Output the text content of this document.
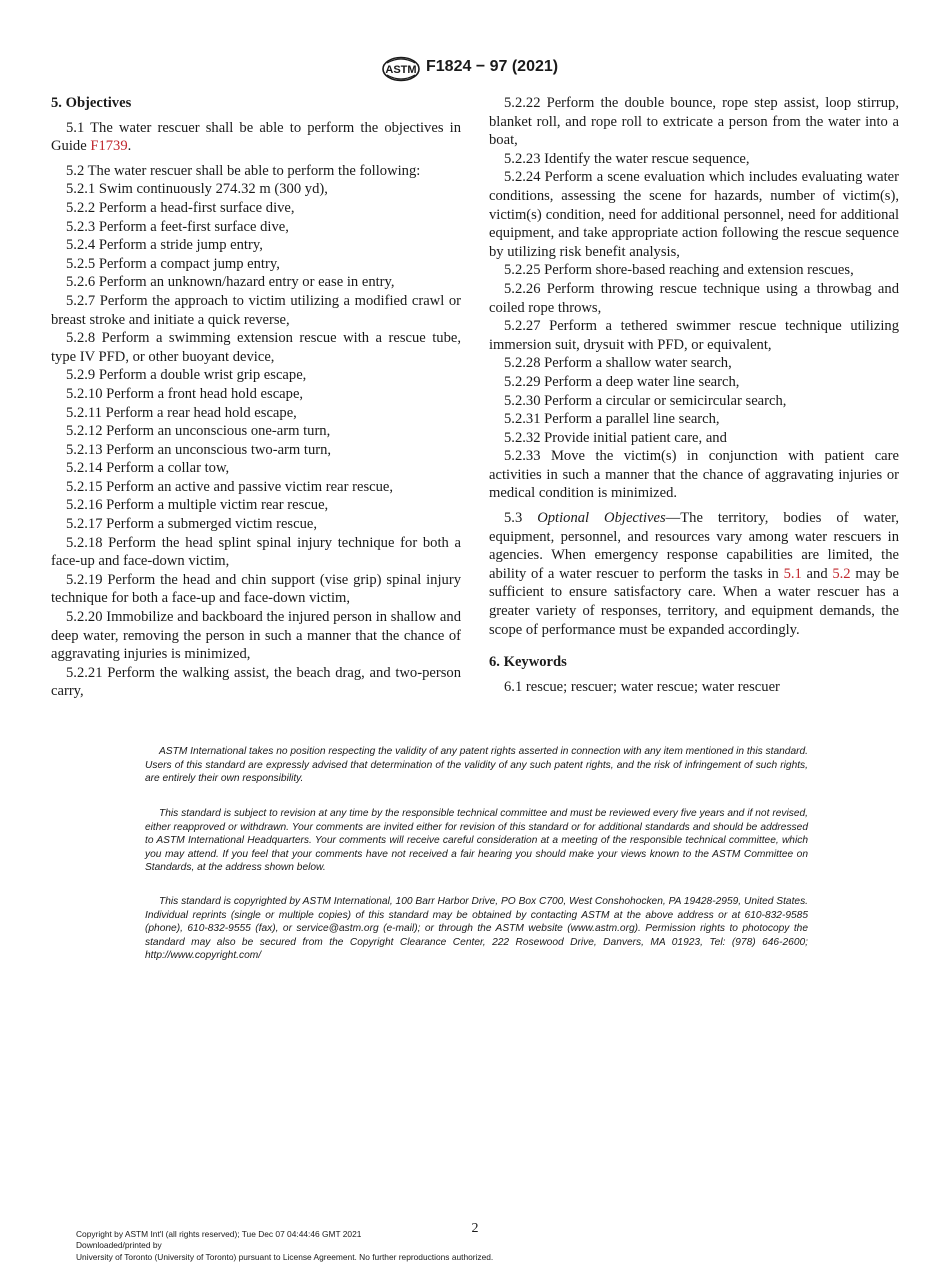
ASTM F1824 − 97 (2021)

5. Objectives

5.1 The water rescuer shall be able to perform the objectives in Guide F1739.

5.2 The water rescuer shall be able to perform the following:

5.2.1 Swim continuously 274.32 m (300 yd),

5.2.2 Perform a head-first surface dive,

5.2.3 Perform a feet-first surface dive,

5.2.4 Perform a stride jump entry,

5.2.5 Perform a compact jump entry,

5.2.6 Perform an unknown/hazard entry or ease in entry,

5.2.7 Perform the approach to victim utilizing a modified crawl or breast stroke and initiate a quick reverse,

5.2.8 Perform a swimming extension rescue with a rescue tube, type IV PFD, or other buoyant device,

5.2.9 Perform a double wrist grip escape,

5.2.10 Perform a front head hold escape,

5.2.11 Perform a rear head hold escape,

5.2.12 Perform an unconscious one-arm turn,

5.2.13 Perform an unconscious two-arm turn,

5.2.14 Perform a collar tow,

5.2.15 Perform an active and passive victim rear rescue,

5.2.16 Perform a multiple victim rear rescue,

5.2.17 Perform a submerged victim rescue,

5.2.18 Perform the head splint spinal injury technique for both a face-up and face-down victim,

5.2.19 Perform the head and chin support (vise grip) spinal injury technique for both a face-up and face-down victim,

5.2.20 Immobilize and backboard the injured person in shallow and deep water, removing the person in such a manner that the chance of aggravating injuries is minimized,

5.2.21 Perform the walking assist, the beach drag, and two-person carry,

5.2.22 Perform the double bounce, rope step assist, loop stirrup, blanket roll, and rope roll to extricate a person from the water into a boat,

5.2.23 Identify the water rescue sequence,

5.2.24 Perform a scene evaluation which includes evaluating water conditions, assessing the scene for hazards, number of victim(s), victim(s) condition, need for additional personnel, need for additional equipment, and take appropriate action following the rescue sequence by utilizing risk benefit analysis,

5.2.25 Perform shore-based reaching and extension rescues,

5.2.26 Perform throwing rescue technique using a throwbag and coiled rope throws,

5.2.27 Perform a tethered swimmer rescue technique utilizing immersion suit, drysuit with PFD, or equivalent,

5.2.28 Perform a shallow water search,

5.2.29 Perform a deep water line search,

5.2.30 Perform a circular or semicircular search,

5.2.31 Perform a parallel line search,

5.2.32 Provide initial patient care, and

5.2.33 Move the victim(s) in conjunction with patient care activities in such a manner that the chance of aggravating injuries or medical condition is minimized.

5.3 Optional Objectives—The territory, bodies of water, equipment, personnel, and resources vary among water rescuers in agencies. When emergency response capabilities are limited, the ability of a water rescuer to perform the tasks in 5.1 and 5.2 may be sufficient to ensure satisfactory care. When a water rescuer has a greater variety of responses, territory, and equipment demands, the scope of performance must be expanded accordingly.

6. Keywords

6.1 rescue; rescuer; water rescue; water rescuer

ASTM International takes no position respecting the validity of any patent rights asserted in connection with any item mentioned in this standard. Users of this standard are expressly advised that determination of the validity of any such patent rights, and the risk of infringement of such rights, are entirely their own responsibility.

This standard is subject to revision at any time by the responsible technical committee and must be reviewed every five years and if not revised, either reapproved or withdrawn. Your comments are invited either for revision of this standard or for additional standards and should be addressed to ASTM International Headquarters. Your comments will receive careful consideration at a meeting of the responsible technical committee, which you may attend. If you feel that your comments have not received a fair hearing you should make your views known to the ASTM Committee on Standards, at the address shown below.

This standard is copyrighted by ASTM International, 100 Barr Harbor Drive, PO Box C700, West Conshohocken, PA 19428-2959, United States. Individual reprints (single or multiple copies) of this standard may be obtained by contacting ASTM at the above address or at 610-832-9585 (phone), 610-832-9555 (fax), or service@astm.org (e-mail); or through the ASTM website (www.astm.org). Permission rights to photocopy the standard may also be secured from the Copyright Clearance Center, 222 Rosewood Drive, Danvers, MA 01923, Tel: (978) 646-2600; http://www.copyright.com/

2
Copyright by ASTM Int'l (all rights reserved); Tue Dec 07 04:44:46 GMT 2021
Downloaded/printed by
University of Toronto (University of Toronto) pursuant to License Agreement. No further reproductions authorized.
